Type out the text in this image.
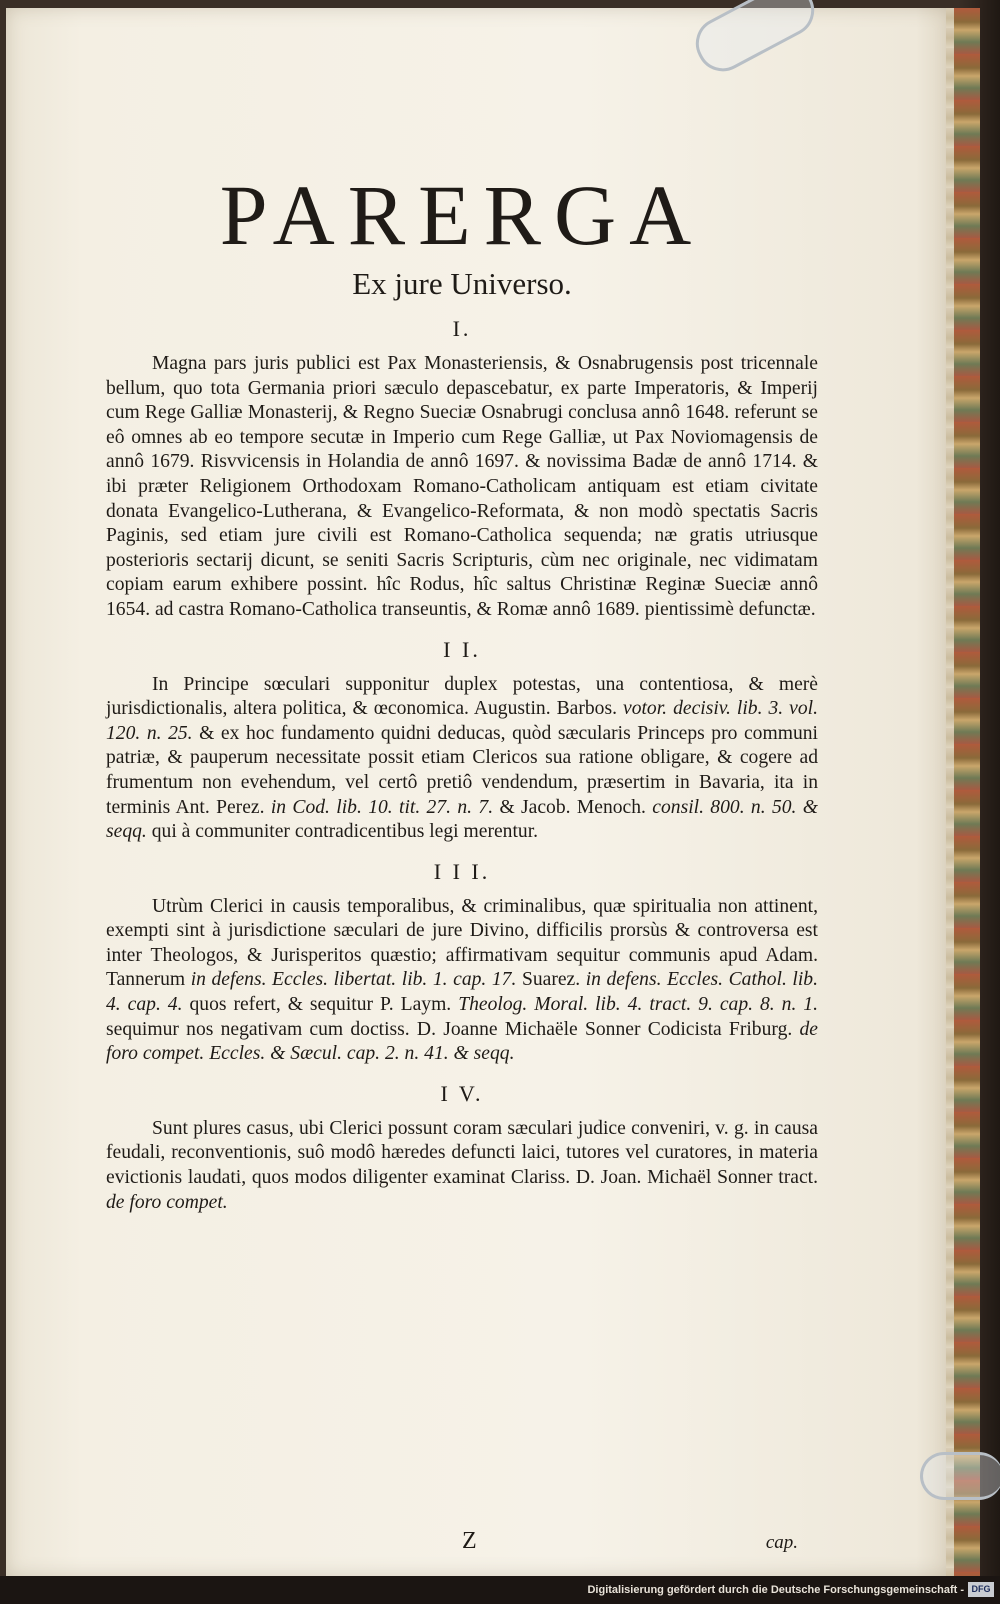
PARERGA
Ex jure Universo.
I.

Magna pars juris publici est Pax Monasteriensis, & Osnabrugensis post tricennale bellum, quo tota Germania priori sæculo depascebatur, ex parte Imperatoris, & Imperij cum Rege Galliæ Monasterij, & Regno Sueciæ Osnabrugi conclusa annô 1648. referunt se eô omnes ab eo tempore secutæ in Imperio cum Rege Galliæ, ut Pax Noviomagensis de annô 1679. Risvvicensis in Holandia de annô 1697. & novissima Badæ de annô 1714. & ibi præter Religionem Orthodoxam Romano-Catholicam antiquam est etiam civitate donata Evangelico-Lutherana, & Evangelico-Reformata, & non modò spectatis Sacris Paginis, sed etiam jure civili est Romano-Catholica sequenda; næ gratis utriusque posterioris sectarij dicunt, se seniti Sacris Scripturis, cùm nec originale, nec vidimatam copiam earum exhibere possint. hîc Rodus, hîc saltus Christinæ Reginæ Sueciæ annô 1654. ad castra Romano-Catholica transeuntis, & Romæ annô 1689. pientissimè defunctæ.

I I.

In Principe sœculari supponitur duplex potestas, una contentiosa, & merè jurisdictionalis, altera politica, & œconomica. Augustin. Barbos. votor. decisiv. lib. 3. vol. 120. n. 25. & ex hoc fundamento quidni deducas, quòd sæcularis Princeps pro communi patriæ, & pauperum necessitate possit etiam Clericos sua ratione obligare, & cogere ad frumentum non evehendum, vel certô pretiô vendendum, præsertim in Bavaria, ita in terminis Ant. Perez. in Cod. lib. 10. tit. 27. n. 7. & Jacob. Menoch. consil. 800. n. 50. & seqq. qui à communiter contradicentibus legi merentur.

I I I.

Utrùm Clerici in causis temporalibus, & criminalibus, quæ spiritualia non attinent, exempti sint à jurisdictione sæculari de jure Divino, difficilis prorsùs & controversa est inter Theologos, & Jurisperitos quæstio; affirmativam sequitur communis apud Adam. Tannerum in defens. Eccles. libertat. lib. 1. cap. 17. Suarez. in defens. Eccles. Cathol. lib. 4. cap. 4. quos refert, & sequitur P. Laym. Theolog. Moral. lib. 4. tract. 9. cap. 8. n. 1. sequimur nos negativam cum doctiss. D. Joanne Michaële Sonner Codicista Friburg. de foro compet. Eccles. & Sæcul. cap. 2. n. 41. & seqq.

I V.

Sunt plures casus, ubi Clerici possunt coram sæculari judice conveniri, v. g. in causa feudali, reconventionis, suô modô hæredes defuncti laici, tutores vel curatores, in materia evictionis laudati, quos modos diligenter examinat Clariss. D. Joan. Michaël Sonner tract. de foro compet.

Z	cap.
Digitalisierung gefördert durch die Deutsche Forschungsgemeinschaft - DFG
